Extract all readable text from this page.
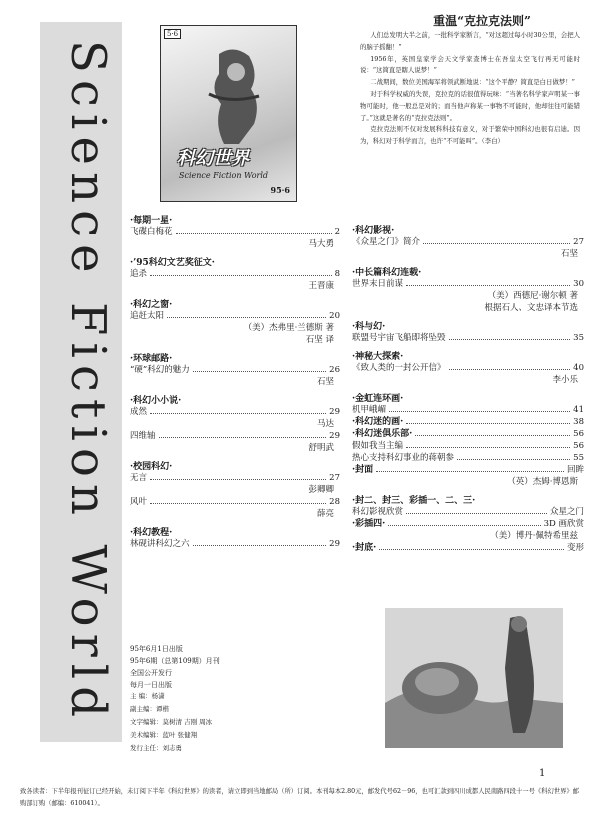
Science Fiction World
5·6
科幻世界
Science Fiction World
95·6
重温“克拉克法则”

人们总发明大半之前，一批科学家断言，“对这超过每小时30公里，会把人的脑子摇翻！”

1956年，英国皇家学会天文学家查博士在吾皇太空飞行再无可能时说：“这简直是瞎人说梦！”

二战期间，数位美国海军将领武断地说：“这个平静？简直是白日做梦！”

对于科学权威的失误，克拉克的话很值得玩味：“当著名科学家声明某一事物可能时，他一般总是对的；而当他声称某一事物不可能时，他却往往可能错了。”这就是著名的“克拉克法则”。

克拉克法则不仅对发展科科技有意义，对于繁荣中国科幻也很有启迪。因为，科幻对于科学而言，也许“不可能叫”。（李白）

·每期一星·
飞碟白梅花	2
马大勇
·’95科幻文艺奖征文·
追杀	8
王晋康
·科幻之窗·
追赶太阳	20
（美）杰弗里·兰德斯 著
石坚 译
·环球邮路·
“硬”科幻的魅力	26
石坚
·科幻小小说·
成然	29
马达
四维轴	29
舒明武
·校园科幻·
无言	27
彭卿卿
风叶	28
薛亮
·科幻教程·
林砚讲科幻之六	29
·科幻影视·
《众星之门》简介	27
石坚
·中长篇科幻连载·
世界末日前谋	30
（美）西德尼·谢尔顿 著
根据石人、文忠译本节选
·科与幻·
联盟号宇宙飞船即将坠毁	35
·神秘大探索·
《致人类的一封公开信》	40
李小乐
·金虹连环画·
机甲峨嵋	41
·科幻迷的画·	38
·科幻迷俱乐部·	56
假如我当主编	56
热心支持科幻事业的蒋朝参	55
·封面	回眸
（英）杰姆·博恩斯
·封二、封三、彩插一、二、三·
科幻影视欣赏	众星之门
·彩插四·	3D 画欣赏
（美）博丹·佩特希里兹
·封底·	变形
95年6月1日出版
95年6期（总第109期）月刊
全国公开发行
每月一日出版
主 编：杨潇
副主编：谭楷
文字编辑：莫树清 吉刚 周冰
美术编辑：蓝叶 张健翔
发行主任：刘志勇
1
致各读者：下半年报刊征订已经开始，未订阅下半年《科幻世界》的读者，请立即到当地邮局（所）订阅。本刊每本2.80元，邮发代号62－96，也可汇款到四川成都人民南路四段十一号《科幻世界》邮购部订购（邮编：610041）。
